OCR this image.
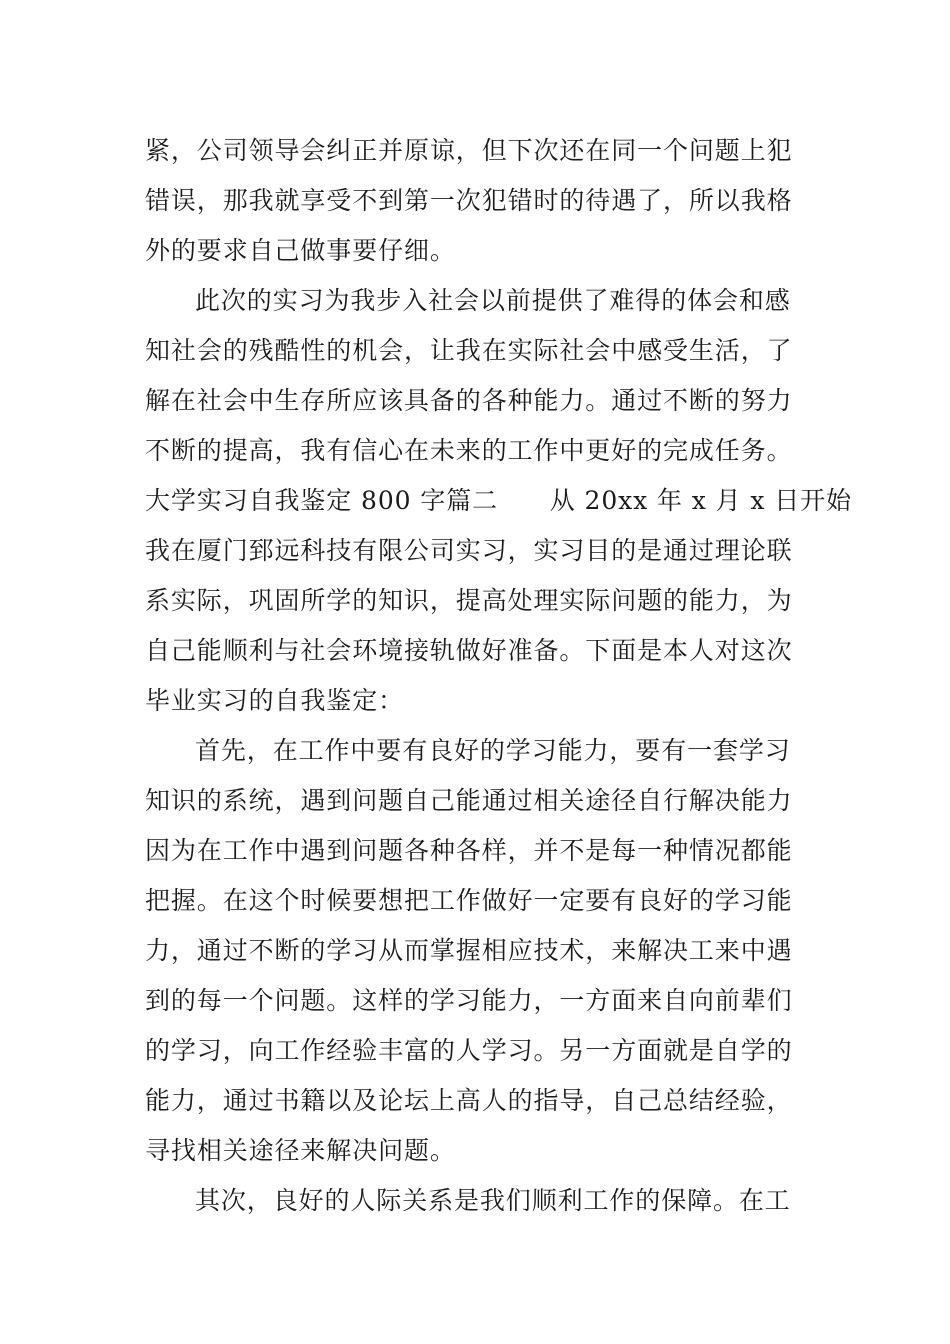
紧，公司领导会纠正并原谅，但下次还在同一个问题上犯
错误，那我就享受不到第一次犯错时的待遇了，所以我格
外的要求自己做事要仔细。
此次的实习为我步入社会以前提供了难得的体会和感
知社会的残酷性的机会，让我在实际社会中感受生活，了
解在社会中生存所应该具备的各种能力。通过不断的努力
不断的提高，我有信心在未来的工作中更好的完成任务。
大学实习自我鉴定 800 字篇二　　从 20xx 年 x 月 x 日开始
我在厦门郅远科技有限公司实习，实习目的是通过理论联
系实际，巩固所学的知识，提高处理实际问题的能力，为
自己能顺利与社会环境接轨做好准备。下面是本人对这次
毕业实习的自我鉴定：
首先，在工作中要有良好的学习能力，要有一套学习
知识的系统，遇到问题自己能通过相关途径自行解决能力
因为在工作中遇到问题各种各样，并不是每一种情况都能
把握。在这个时候要想把工作做好一定要有良好的学习能
力，通过不断的学习从而掌握相应技术，来解决工来中遇
到的每一个问题。这样的学习能力，一方面来自向前辈们
的学习，向工作经验丰富的人学习。另一方面就是自学的
能力，通过书籍以及论坛上高人的指导，自己总结经验，
寻找相关途径来解决问题。
其次，良好的人际关系是我们顺利工作的保障。在工
